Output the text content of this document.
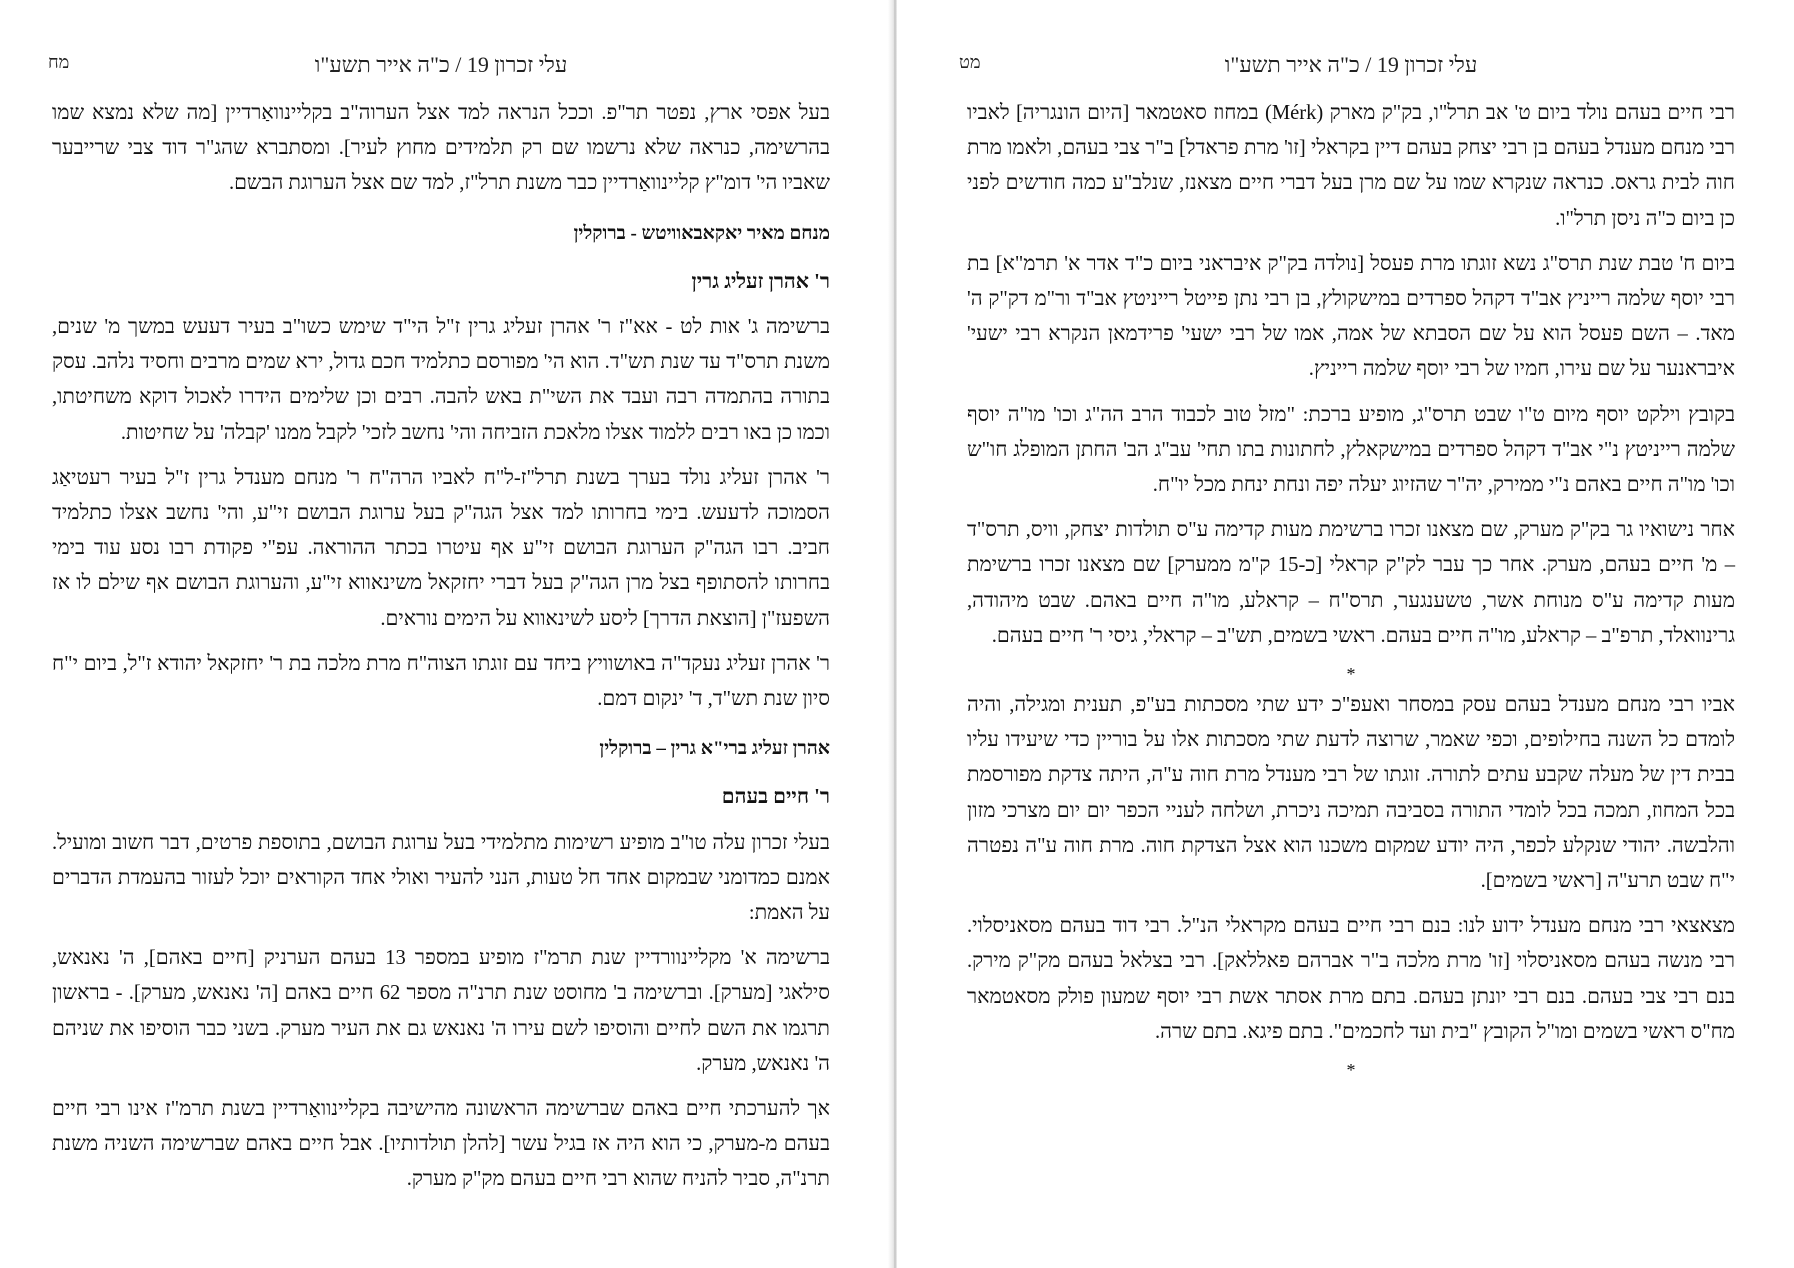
עלי זכרון 19 / כ"ה אייר תשע"ו
מח

בעל אפסי ארץ, נפטר תר"פ. וככל הנראה למד אצל הערוה"ב בקליינוואַרדיין [מה שלא נמצא שמו בהרשימה, כנראה שלא נרשמו שם רק תלמידים מחוץ לעיר]. ומסתברא שהג"ר דוד צבי שרייבער שאביו הי' דומ"ץ קליינוואַרדיין כבר משנת תרל"ז, למד שם אצל הערוגת הבשם.

מנחם מאיר יאקאבאוויטש - ברוקלין

ר' אהרן זעליג גרין

ברשימה ג' אות לט - אא"ז ר' אהרן זעליג גרין ז"ל הי"ד שימש כשו"ב בעיר דעעש במשך מ' שנים, משנת תרס"ד עד שנת תש"ד. הוא הי' מפורסם כתלמיד חכם גדול, ירא שמים מרבים וחסיד נלהב. עסק בתורה בהתמדה רבה ועבד את השי"ת באש להבה. רבים וכן שלימים הידרו לאכול דוקא משחיטתו, וכמו כן באו רבים ללמוד אצלו מלאכת הזביחה והי' נחשב לזכי' לקבל ממנו 'קבלה' על שחיטות.

ר' אהרן זעליג נולד בערך בשנת תרל"ז-ל"ח לאביו הרה"ח ר' מנחם מענדל גרין ז"ל בעיר רעטיאַג הסמוכה לדעעש. בימי בחרותו למד אצל הגה"ק בעל ערוגת הבושם זי"ע, והי' נחשב אצלו כתלמיד חביב. רבו הגה"ק הערוגת הבושם זי"ע אף עיטרו בכתר ההוראה. עפ"י פקודת רבו נסע עוד בימי בחרותו להסתופף בצל מרן הגה"ק בעל דברי יחזקאל משינאווא זי"ע, והערוגת הבושם אף שילם לו אז השפעז"ן [הוצאת הדרך] ליסע לשינאווא על הימים נוראים.

ר' אהרן זעליג נעקד"ה באושוויץ ביחד עם זוגתו הצוה"ח מרת מלכה בת ר' יחזקאל יהודא ז"ל, ביום י"ח סיון שנת תש"ד, ד' ינקום דמם.

אהרן זעליג ברי"א גרין – ברוקלין

ר' חיים בעהם

בעלי זכרון עלה טו"ב מופיע רשימות מתלמידי בעל ערוגת הבושם, בתוספת פרטים, דבר חשוב ומועיל. אמנם כמדומני שבמקום אחד חל טעות, הנני להעיר ואולי אחד הקוראים יוכל לעזור בהעמדת הדברים על האמת:

ברשימה א' מקליינוורדיין שנת תרמ"ז מופיע במספר 13 בעהם הערניק [חיים באהם], ה' נאנאש, סילאגי [מערק]. וברשימה ב' מחוסט שנת תרנ"ה מספר 62 חיים באהם [ה' נאנאש, מערק]. - בראשון תרגמו את השם לחיים והוסיפו לשם עירו ה' נאנאש גם את העיר מערק. בשני כבר הוסיפו את שניהם ה' נאנאש, מערק.

אך להערכתי חיים באהם שברשימה הראשונה מהישיבה בקליינוואַרדיין בשנת תרמ"ז אינו רבי חיים בעהם מ-מערק, כי הוא היה אז בגיל עשר [להלן תולדותיו]. אבל חיים באהם שברשימה השניה משנת תרנ"ה, סביר להניח שהוא רבי חיים בעהם מק"ק מערק.

עלי זכרון 19 / כ"ה אייר תשע"ו
מט

רבי חיים בעהם נולד ביום ט' אב תרל"ו, בק"ק מארק (Mérk) במחוז סאטמאר [היום הונגריה] לאביו רבי מנחם מענדל בעהם בן רבי יצחק בעהם דיין בקראלי [זו' מרת פראדל] ב"ר צבי בעהם, ולאמו מרת חוה לבית גראס. כנראה שנקרא שמו על שם מרן בעל דברי חיים מצאנז, שנלב"ע כמה חודשים לפני כן ביום כ"ה ניסן תרל"ו.

ביום ח' טבת שנת תרס"ג נשא זוגתו מרת פעסל [נולדה בק"ק איבראני ביום כ"ד אדר א' תרמ"א] בת רבי יוסף שלמה רייניץ אב"ד דקהל ספרדים במישקולץ, בן רבי נתן פייטל רייניטץ אב"ד ור"מ דק"ק ה' מאד. – השם פעסל הוא על שם הסבתא של אמה, אמו של רבי ישעי' פרידמאן הנקרא רבי ישעי' איבראנער על שם עירו, חמיו של רבי יוסף שלמה רייניץ.

בקובץ וילקט יוסף מיום ט"ו שבט תרס"ג, מופיע ברכת: "מזל טוב לכבוד הרב הה"ג וכו' מו"ה יוסף שלמה רייניטץ נ"י אב"ד דקהל ספרדים במישקאלץ, לחתונות בתו תחי' עב"ג הב' החתן המופלג חו"ש וכו' מו"ה חיים באהם נ"י ממירק, יה"ר שהזיוג יעלה יפה ונחת ינחת מכל יו"ח.

אחר נישואיו גר בק"ק מערק, שם מצאנו זכרו ברשימת מעות קדימה ע"ס תולדות יצחק, וויס, תרס"ד – מ' חיים בעהם, מערק. אחר כך עבר לק"ק קראלי [כ-15 ק"מ ממערק] שם מצאנו זכרו ברשימת מעות קדימה ע"ס מנוחת אשר, טשענגער, תרס"ח – קראלע, מו"ה חיים באהם. שבט מיהודה, גרינוואלד, תרפ"ב – קראלע, מו"ה חיים בעהם. ראשי בשמים, תש"ב – קראלי, גיסי ר' חיים בעהם.

*

אביו רבי מנחם מענדל בעהם עסק במסחר ואעפ"כ ידע שתי מסכתות בע"פ, תענית ומגילה, והיה לומדם כל השנה בחילופים, וכפי שאמר, שרוצה לדעת שתי מסכתות אלו על בוריין כדי שיעידו עליו בבית דין של מעלה שקבע עתים לתורה. זוגתו של רבי מענדל מרת חוה ע"ה, היתה צדקת מפורסמת בכל המחוז, תמכה בכל לומדי התורה בסביבה תמיכה ניכרת, ושלחה לעניי הכפר יום יום מצרכי מזון והלבשה. יהודי שנקלע לכפר, היה יודע שמקום משכנו הוא אצל הצדקת חוה. מרת חוה ע"ה נפטרה י"ח שבט תרע"ה [ראשי בשמים].

מצאצאי רבי מנחם מענדל ידוע לנו: בנם רבי חיים בעהם מקראלי הנ"ל. רבי דוד בעהם מסאניסלוי. רבי מנשה בעהם מסאניסלוי [זו' מרת מלכה ב"ר אברהם פאללאק]. רבי בצלאל בעהם מק"ק מירק. בנם רבי צבי בעהם. בנם רבי יונתן בעהם. בתם מרת אסתר אשת רבי יוסף שמעון פולק מסאטמאר מח"ס ראשי בשמים ומו"ל הקובץ "בית ועד לחכמים". בתם פיגא. בתם שרה.

*
